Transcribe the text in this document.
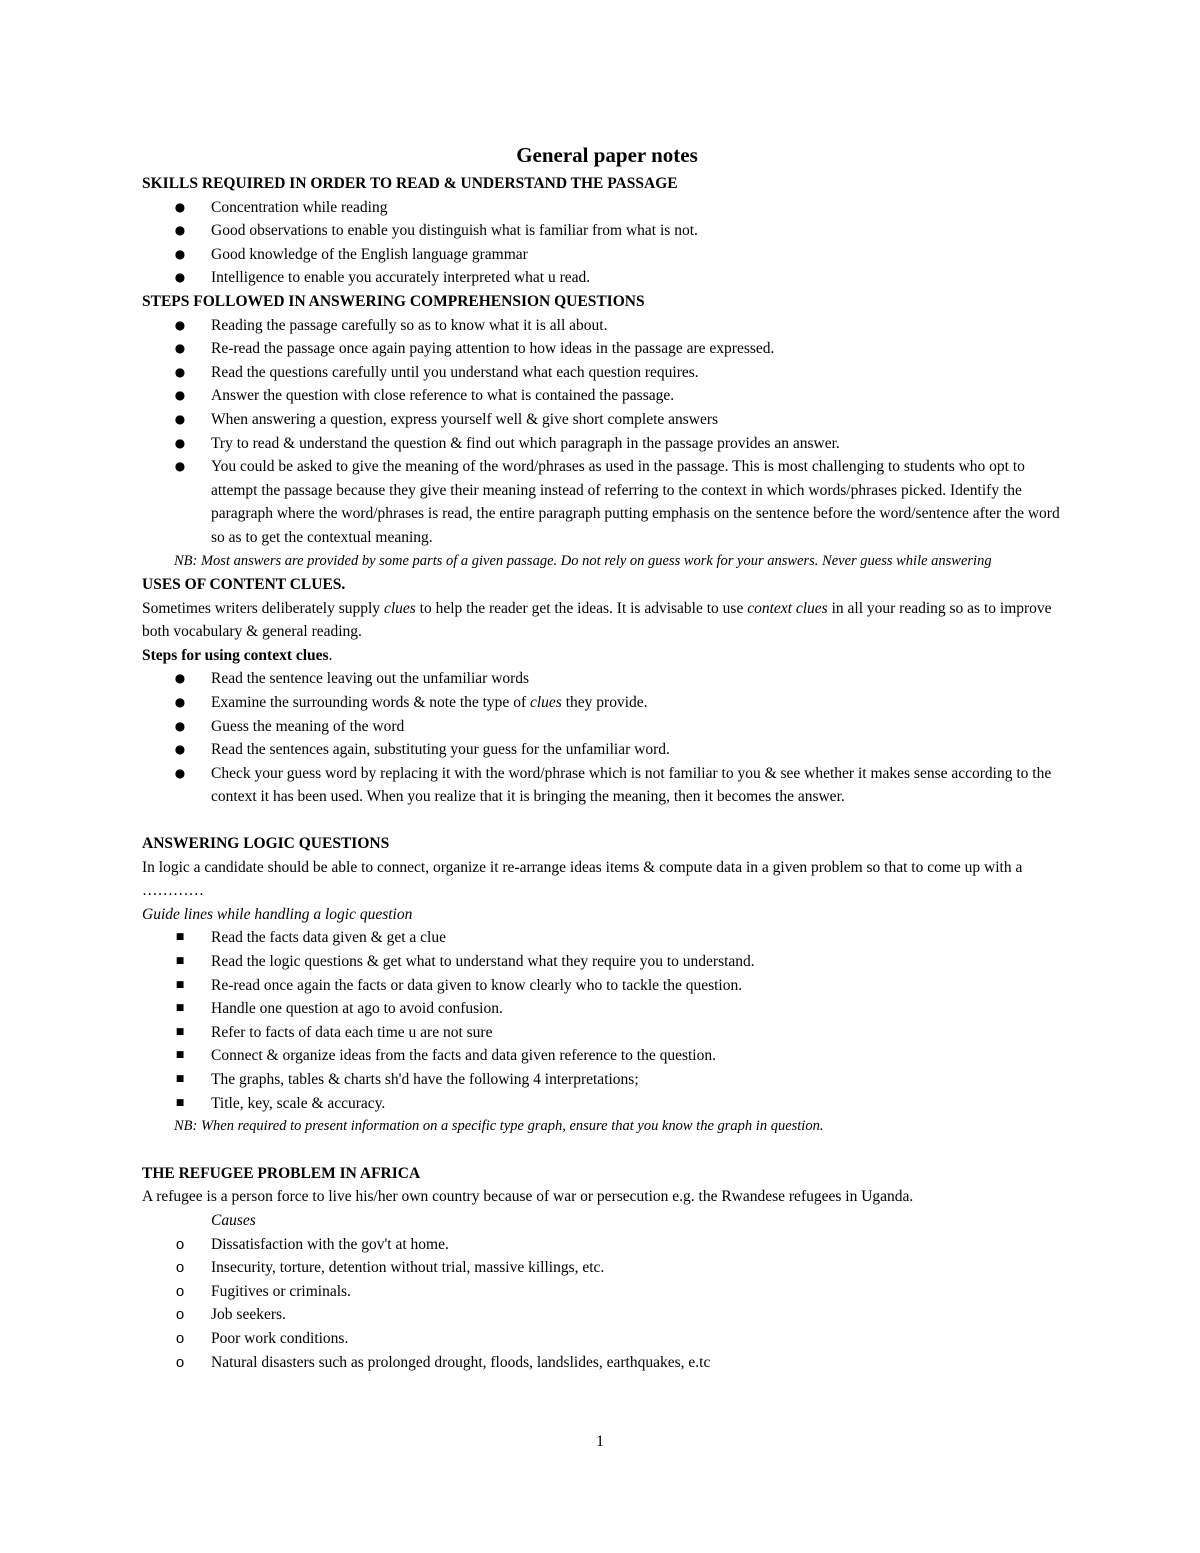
General paper notes
SKILLS REQUIRED IN ORDER TO READ & UNDERSTAND THE PASSAGE
●	Concentration while reading
●	Good observations to enable you distinguish what is familiar from what is not.
●	Good knowledge of the English language grammar
●	Intelligence to enable you accurately interpreted what u read.
STEPS FOLLOWED IN ANSWERING COMPREHENSION QUESTIONS
●	Reading the passage carefully so as to know what it is all about.
●	Re-read the passage once again paying attention to how ideas in the passage are expressed.
●	Read the questions carefully until you understand what each question requires.
●	Answer the question with close reference to what is contained the passage.
●	When answering a question, express yourself well & give short complete answers
●	Try to read & understand the question & find out which paragraph in the passage provides an answer.
●	You could be asked to give the meaning of the word/phrases as used in the passage. This is most challenging to students who opt to attempt the passage because they give their meaning instead of referring to the context in which words/phrases picked. Identify the paragraph where the word/phrases is read, the entire paragraph putting emphasis on the sentence before the word/sentence after the word so as to get the contextual meaning.
NB: Most answers are provided by some parts of a given passage. Do not rely on guess work for your answers. Never guess while answering
USES OF CONTENT CLUES.
Sometimes writers deliberately supply clues to help the reader get the ideas. It is advisable to use context clues in all your reading so as to improve both vocabulary & general reading.
Steps for using context clues.
●	Read the sentence leaving out the unfamiliar words
●	Examine the surrounding words & note the type of clues they provide.
●	Guess the meaning of the word
●	Read the sentences again, substituting your guess for the unfamiliar word.
●	Check your guess word by replacing it with the word/phrase which is not familiar to you & see whether it makes sense according to the context it has been used. When you realize that it is bringing the meaning, then it becomes the answer.
ANSWERING LOGIC QUESTIONS
In logic a candidate should be able to connect, organize it re-arrange ideas items & compute data in a given problem so that to come up with a …………
Guide lines while handling a logic question
■	Read the facts data given & get a clue
■	Read the logic questions & get what to understand what they require you to understand.
■	Re-read once again the facts or data given to know clearly who to tackle the question.
■	Handle one question at ago to avoid confusion.
■	Refer to facts of data each time u are not sure
■	Connect & organize ideas from the facts and data given reference to the question.
■	The graphs, tables & charts sh'd have the following 4 interpretations;
■	Title, key, scale & accuracy.
NB: When required to present information on a specific type graph, ensure that you know the graph in question.
THE REFUGEE PROBLEM IN AFRICA
A refugee is a person force to live his/her own country because of war or persecution e.g. the Rwandese refugees in Uganda.
Causes
o	Dissatisfaction with the gov't at home.
o	Insecurity, torture, detention without trial, massive killings, etc.
o	Fugitives or criminals.
o	Job seekers.
o	Poor work conditions.
o	Natural disasters such as prolonged drought, floods, landslides, earthquakes, e.tc
1
